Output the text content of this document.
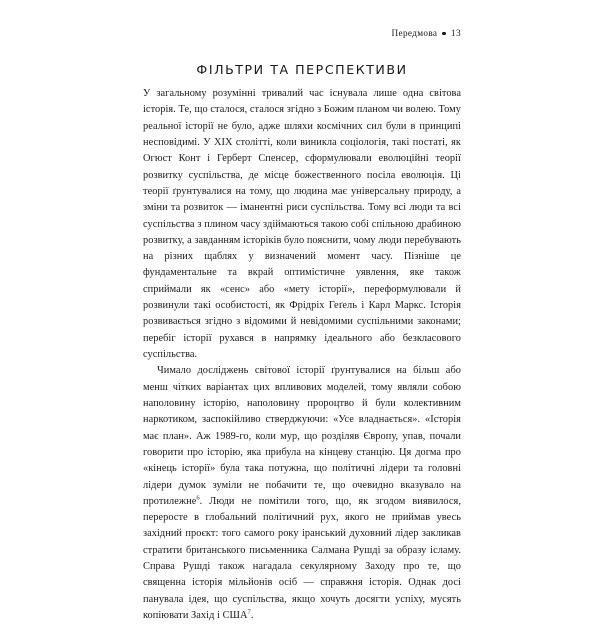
Передмова 13
ФІЛЬТРИ ТА ПЕРСПЕКТИВИ

У загальному розумінні тривалий час існувала лише одна світова історія. Те, що сталося, сталося згідно з Божим планом чи волею. Тому реальної історії не було, адже шляхи космічних сил були в принципі несповідимі. У XIX столітті, коли виникла соціологія, такі постаті, як Огюст Конт і Герберт Спенсер, сформулювали еволюційні теорії розвитку суспільства, де місце божественного посіла еволюція. Ці теорії ґрунтувалися на тому, що людина має універсальну природу, а зміни та розвиток — іманентні риси суспільства. Тому всі люди та всі суспільства з плином часу здіймаються такою собі спільною драбиною розвитку, а завданням історіків було пояснити, чому люди перебувають на різних щаблях у визначений момент часу. Пізніше це фундаментальне та вкрай оптимістичне уявлення, яке також сприймали як «сенс» або «мету історії», переформулювали й розвинули такі особистості, як Фрідріх Геґель і Карл Маркс. Історія розвивається згідно з відомими й невідомими суспільними законами; перебіг історії рухався в напрямку ідеального або безкласового суспільства.

Чимало досліджень світової історії ґрунтувалися на більш або менш чітких варіантах цих впливових моделей, тому являли собою наполовину історію, наполовину пророцтво й були колективним наркотиком, заспокійливо стверджуючи: «Усе владнається». «Історія має план». Аж 1989-го, коли мур, що розділяв Європу, упав, почали говорити про історію, яка прибула на кінцеву станцію. Ця догма про «кінець історії» була така потужна, що політичні лідери та головні лідери думок зуміли не побачити те, що очевидно вказувало на протилежне$^6$. Люди не помітили того, що, як згодом виявилося, переросте в глобальний політичний рух, якого не приймав увесь західний проєкт: того самого року іранський духовний лідер закликав стратити британського письменника Салмана Рушді за образу ісламу. Справа Рушді також нагадала секулярному Заходу про те, що священна історія мільйонів осіб — справжня історія. Однак досі панувала ідея, що суспільства, якщо хочуть досягти успіху, мусять копіювати Захід і США$^7$.
